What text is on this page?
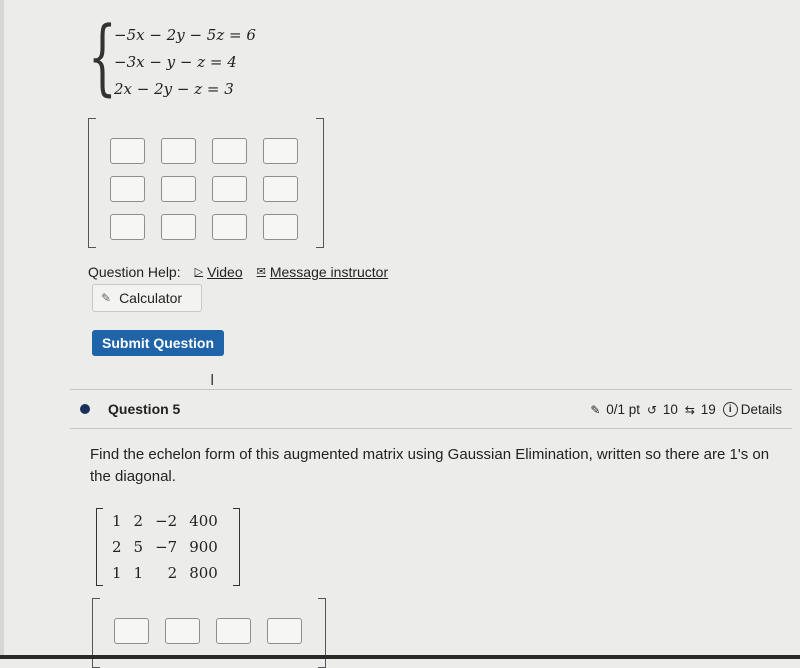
{
−5x − 2y − 5z = 6
−3x − y − z = 4
2x − 2y − z = 3
Question Help: ▷ Video ✉ Message instructor
✎ Calculator
Submit Question
I
Question 5	✎ 0/1 pt ↺ 10 ⇆ 19	i Details
Find the echelon form of this augmented matrix using Gaussian Elimination, written so there are 1's on the diagonal.
1	2	−2	400
2	5	−7	900
1	1	2	800
